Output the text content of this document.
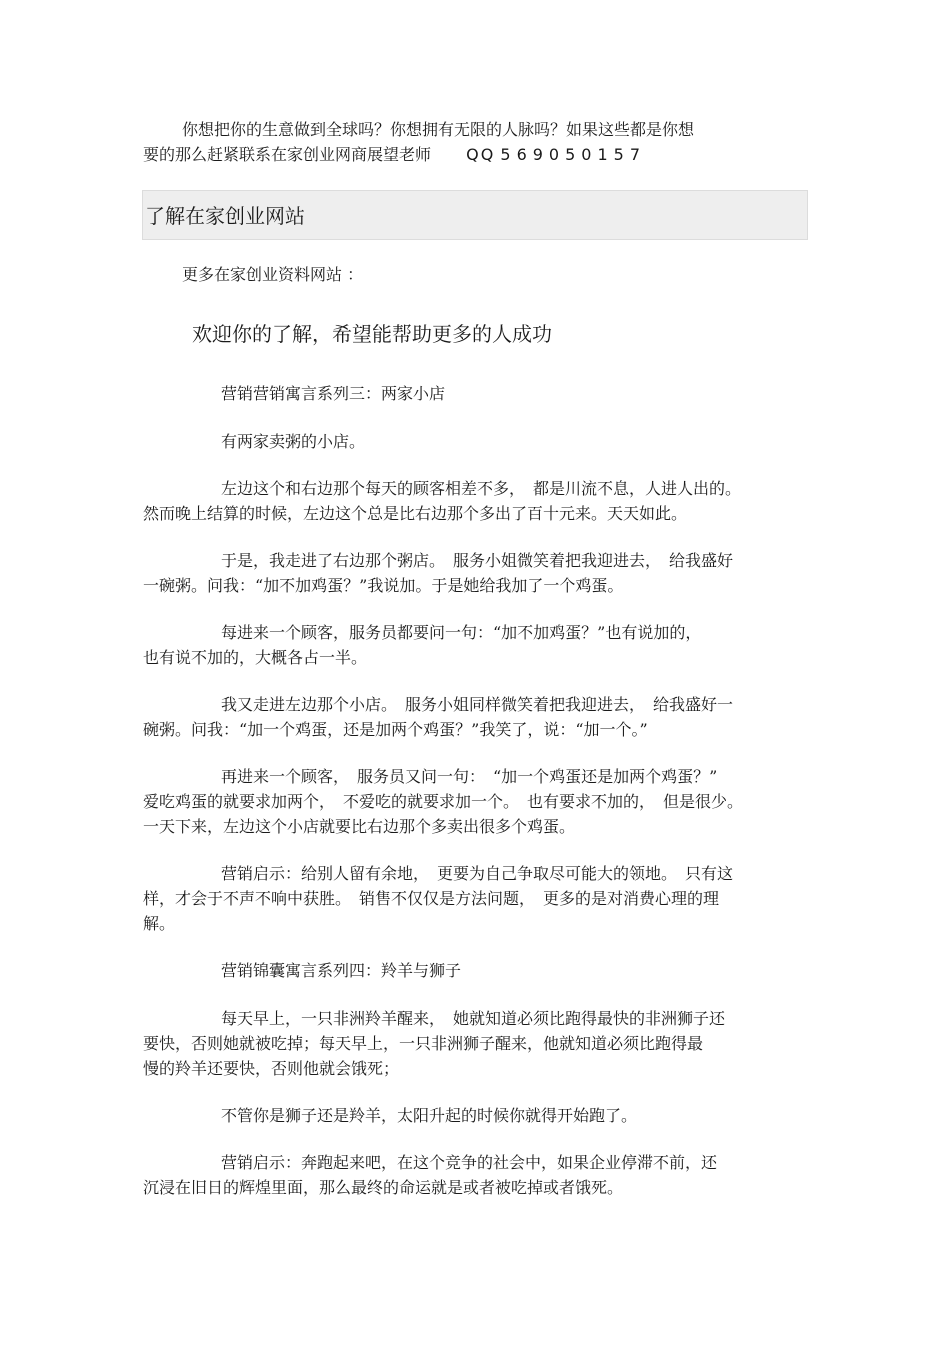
你想把你的生意做到全球吗？你想拥有无限的人脉吗？如果这些都是你想
要的那么赶紧联系在家创业网商展望老师 QQ 569050157
了解在家创业网站
更多在家创业资料网站 ：
欢迎你的了解，希望能帮助更多的人成功
营销营销寓言系列三：两家小店
有两家卖粥的小店。
左边这个和右边那个每天的顾客相差不多，　都是川流不息，人进人出的。
然而晚上结算的时候，左边这个总是比右边那个多出了百十元来。天天如此。
于是，我走进了右边那个粥店。　服务小姐微笑着把我迎进去，　给我盛好
一碗粥。问我：“加不加鸡蛋？”我说加。于是她给我加了一个鸡蛋。
每进来一个顾客，服务员都要问一句：“加不加鸡蛋？”也有说加的，
也有说不加的，大概各占一半。
我又走进左边那个小店。　服务小姐同样微笑着把我迎进去，　给我盛好一
碗粥。问我：“加一个鸡蛋，还是加两个鸡蛋？”我笑了，说：“加一个。”
再进来一个顾客，　服务员又问一句：　“加一个鸡蛋还是加两个鸡蛋？”
爱吃鸡蛋的就要求加两个，　不爱吃的就要求加一个。　也有要求不加的，　但是很少。
一天下来，左边这个小店就要比右边那个多卖出很多个鸡蛋。
营销启示：给别人留有余地，　更要为自己争取尽可能大的领地。　只有这
样，才会于不声不响中获胜。　销售不仅仅是方法问题，　更多的是对消费心理的理
解。
营销锦囊寓言系列四：羚羊与狮子
每天早上，一只非洲羚羊醒来，　她就知道必须比跑得最快的非洲狮子还
要快，否则她就被吃掉；每天早上，一只非洲狮子醒来，他就知道必须比跑得最
慢的羚羊还要快，否则他就会饿死；
不管你是狮子还是羚羊，太阳升起的时候你就得开始跑了。
营销启示：奔跑起来吧，在这个竞争的社会中，如果企业停滞不前，还
沉浸在旧日的辉煌里面，那么最终的命运就是或者被吃掉或者饿死。
